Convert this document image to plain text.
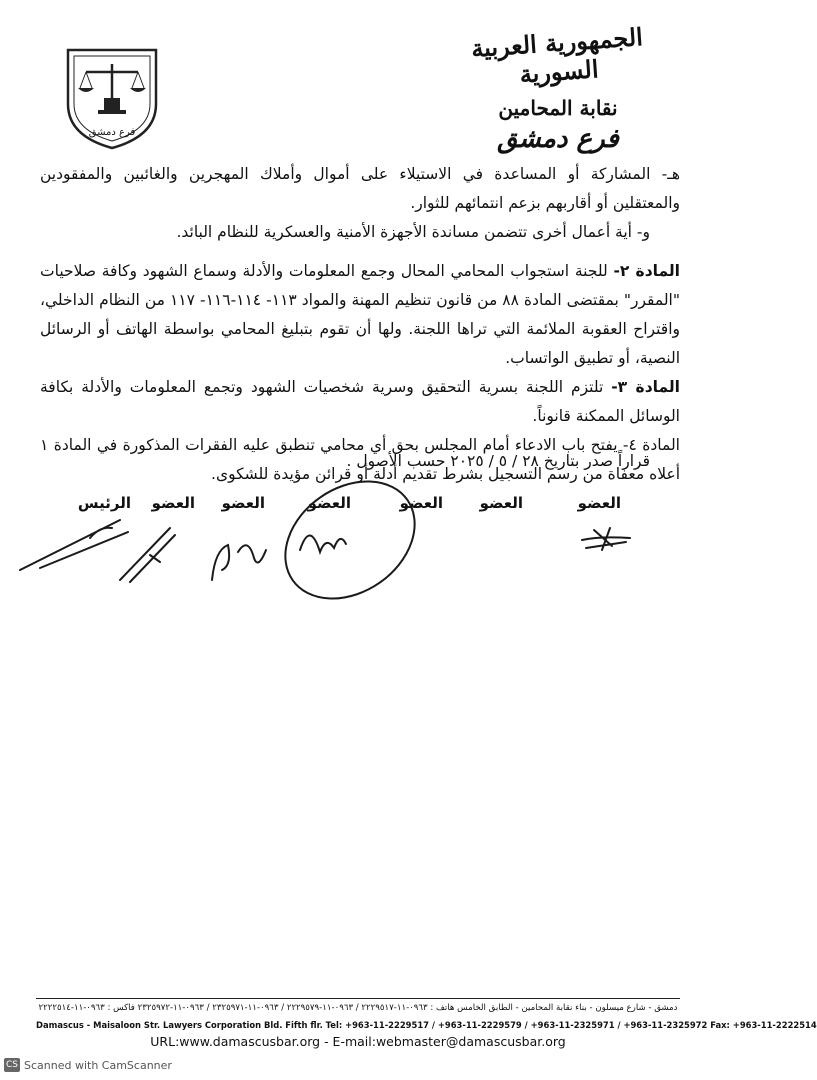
الجمهورية العربية السورية
نقابة المحامين
فرع دمشق
فرع دمشق

هـ- المشاركة أو المساعدة في الاستيلاء على أموال وأملاك المهجرين والغائبين والمفقودين والمعتقلين أو أقاربهم بزعم انتمائهم للثوار.

و- أية أعمال أخرى تتضمن مساندة الأجهزة الأمنية والعسكرية للنظام البائد.

المادة ٢- للجنة استجواب المحامي المحال وجمع المعلومات والأدلة وسماع الشهود وكافة صلاحيات "المقرر" بمقتضى المادة ٨٨ من قانون تنظيم المهنة والمواد ١١٣- ١١٤-١١٦- ١١٧ من النظام الداخلي، واقتراح العقوبة الملائمة التي تراها اللجنة. ولها أن تقوم بتبليغ المحامي بواسطة الهاتف أو الرسائل النصية، أو تطبيق الواتساب.

المادة ٣- تلتزم اللجنة بسرية التحقيق وسرية شخصيات الشهود وتجمع المعلومات والأدلة بكافة الوسائل الممكنة قانوناً.

المادة ٤- يفتح باب الادعاء أمام المجلس بحق أي محامي تنطبق عليه الفقرات المذكورة في المادة ١ أعلاه معفاة من رسم التسجيل بشرط تقديم أدلة أو قرائن مؤيدة للشكوى.

قراراً صدر بتاريخ ٢٨ / ٥ / ٢٠٢٥ حسب الأصول .
العضو
العضو
العضو
العضو
العضو
العضو
الرئيس
دمشق - شارع ميسلون - بناء نقابة المحامين - الطابق الخامس هاتف : ٠٩٦٣-١١-٢٢٢٩٥١٧ / ٠٩٦٣-١١-٢٢٢٩٥٧٩ / ٠٩٦٣-١١-٢٣٢٥٩٧١ / ٠٩٦٣-١١-٢٣٢٥٩٧٢ فاكس : ٠٩٦٣-١١-٢٢٢٢٥١٤
Damascus - Maisaloon Str. Lawyers Corporation Bld. Fifth flr. Tel: +963-11-2229517 / +963-11-2229579 / +963-11-2325971 / +963-11-2325972 Fax: +963-11-2222514
URL:www.damascusbar.org - E-mail:webmaster@damascusbar.org
CS Scanned with CamScanner
